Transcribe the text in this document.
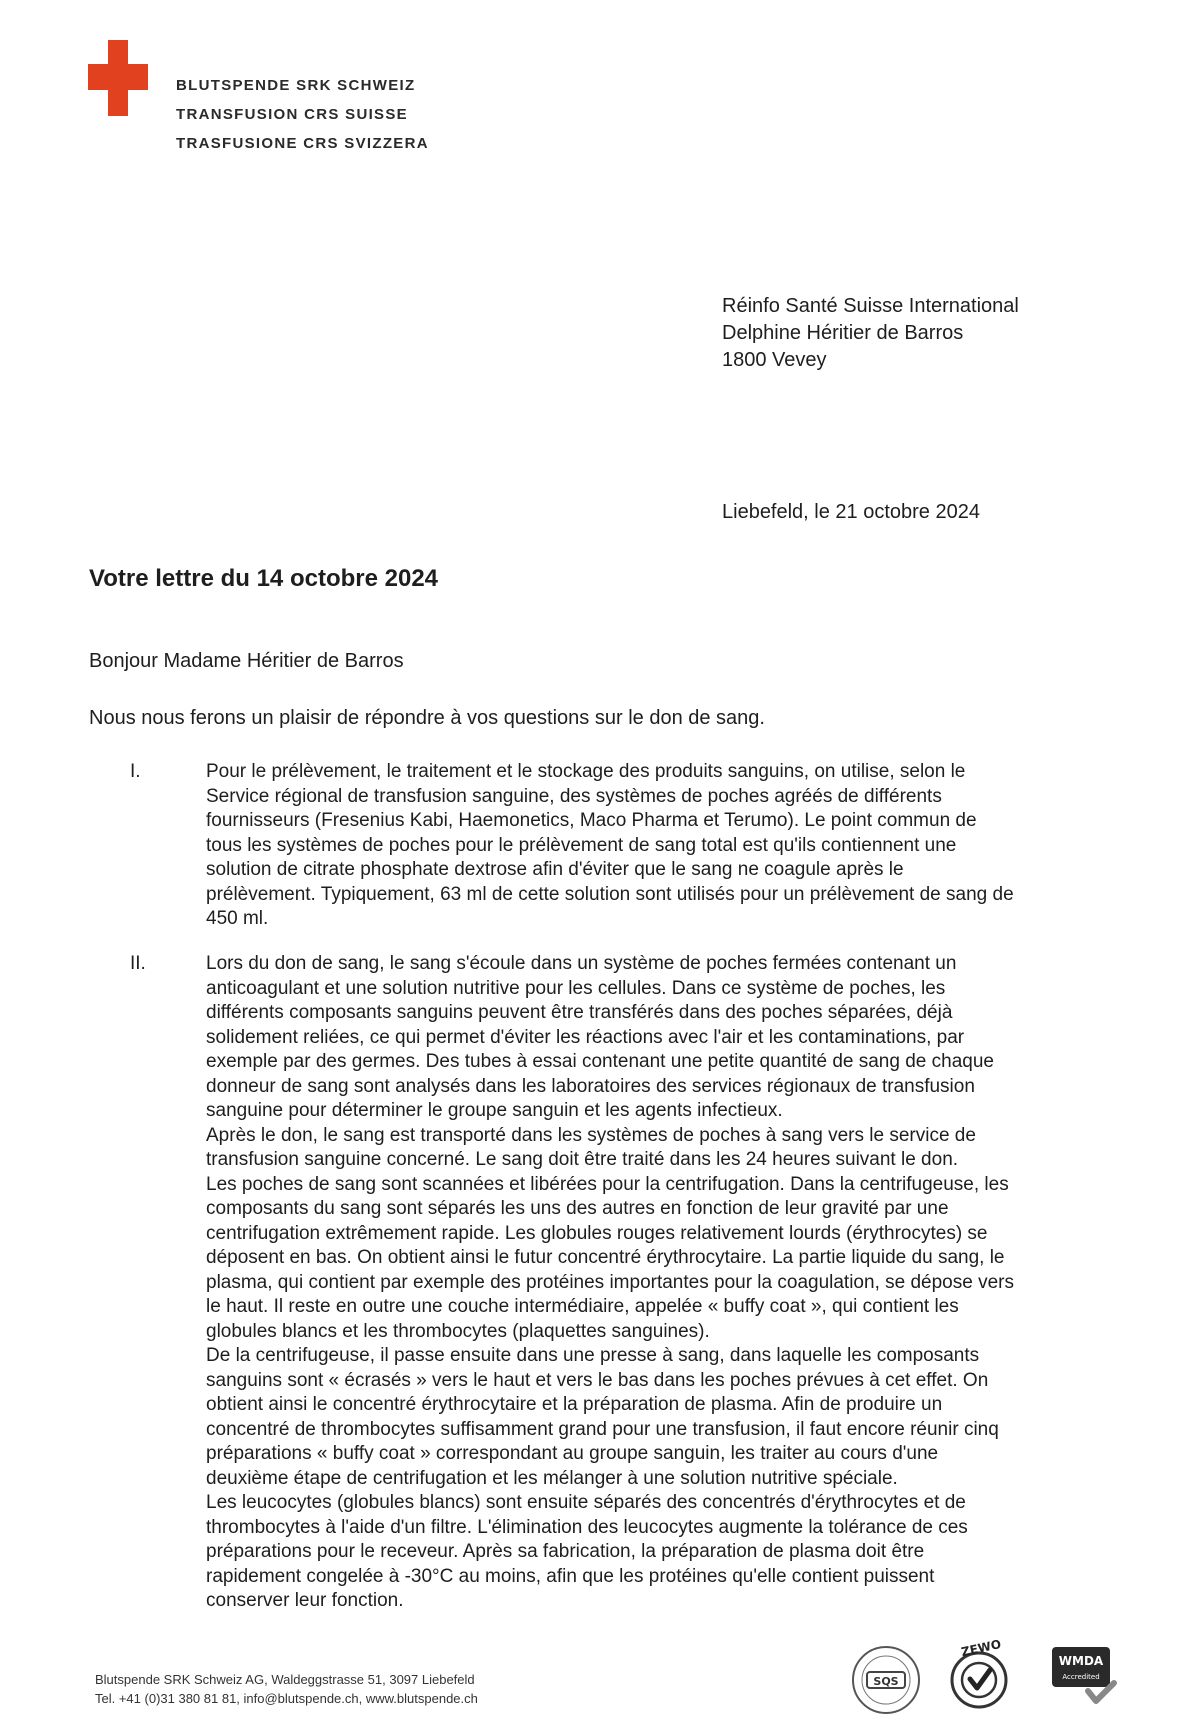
BLUTSPENDE SRK SCHWEIZ
TRANSFUSION CRS SUISSE
TRASFUSIONE CRS SVIZZERA
Réinfo Santé Suisse International
Delphine Héritier de Barros
1800 Vevey
Liebefeld, le 21 octobre 2024
Votre lettre du 14 octobre 2024
Bonjour Madame Héritier de Barros
Nous nous ferons un plaisir de répondre à vos questions sur le don de sang.
I.	Pour le prélèvement, le traitement et le stockage des produits sanguins, on utilise, selon le

Service régional de transfusion sanguine, des systèmes de poches agréés de différents

fournisseurs (Fresenius Kabi, Haemonetics, Maco Pharma et Terumo). Le point commun de

tous les systèmes de poches pour le prélèvement de sang total est qu'ils contiennent une

solution de citrate phosphate dextrose afin d'éviter que le sang ne coagule après le

prélèvement. Typiquement, 63 ml de cette solution sont utilisés pour un prélèvement de sang de

450 ml.

II.	Lors du don de sang, le sang s'écoule dans un système de poches fermées contenant un

anticoagulant et une solution nutritive pour les cellules. Dans ce système de poches, les

différents composants sanguins peuvent être transférés dans des poches séparées, déjà

solidement reliées, ce qui permet d'éviter les réactions avec l'air et les contaminations, par

exemple par des germes. Des tubes à essai contenant une petite quantité de sang de chaque

donneur de sang sont analysés dans les laboratoires des services régionaux de transfusion

sanguine pour déterminer le groupe sanguin et les agents infectieux.

Après le don, le sang est transporté dans les systèmes de poches à sang vers le service de

transfusion sanguine concerné. Le sang doit être traité dans les 24 heures suivant le don.

Les poches de sang sont scannées et libérées pour la centrifugation. Dans la centrifugeuse, les

composants du sang sont séparés les uns des autres en fonction de leur gravité par une

centrifugation extrêmement rapide. Les globules rouges relativement lourds (érythrocytes) se

déposent en bas. On obtient ainsi le futur concentré érythrocytaire. La partie liquide du sang, le

plasma, qui contient par exemple des protéines importantes pour la coagulation, se dépose vers

le haut. Il reste en outre une couche intermédiaire, appelée « buffy coat », qui contient les

globules blancs et les thrombocytes (plaquettes sanguines).

De la centrifugeuse, il passe ensuite dans une presse à sang, dans laquelle les composants

sanguins sont « écrasés » vers le haut et vers le bas dans les poches prévues à cet effet. On

obtient ainsi le concentré érythrocytaire et la préparation de plasma. Afin de produire un

concentré de thrombocytes suffisamment grand pour une transfusion, il faut encore réunir cinq

préparations « buffy coat » correspondant au groupe sanguin, les traiter au cours d'une

deuxième étape de centrifugation et les mélanger à une solution nutritive spéciale.

Les leucocytes (globules blancs) sont ensuite séparés des concentrés d'érythrocytes et de

thrombocytes à l'aide d'un filtre. L'élimination des leucocytes augmente la tolérance de ces

préparations pour le receveur. Après sa fabrication, la préparation de plasma doit être

rapidement congelée à -30°C au moins, afin que les protéines qu'elle contient puissent

conserver leur fonction.

Blutspende SRK Schweiz AG, Waldeggstrasse 51, 3097 Liebefeld
Tel. +41 (0)31 380 81 81, info@blutspende.ch, www.blutspende.ch
SQS
ZEWO
WMDA
Accredited
